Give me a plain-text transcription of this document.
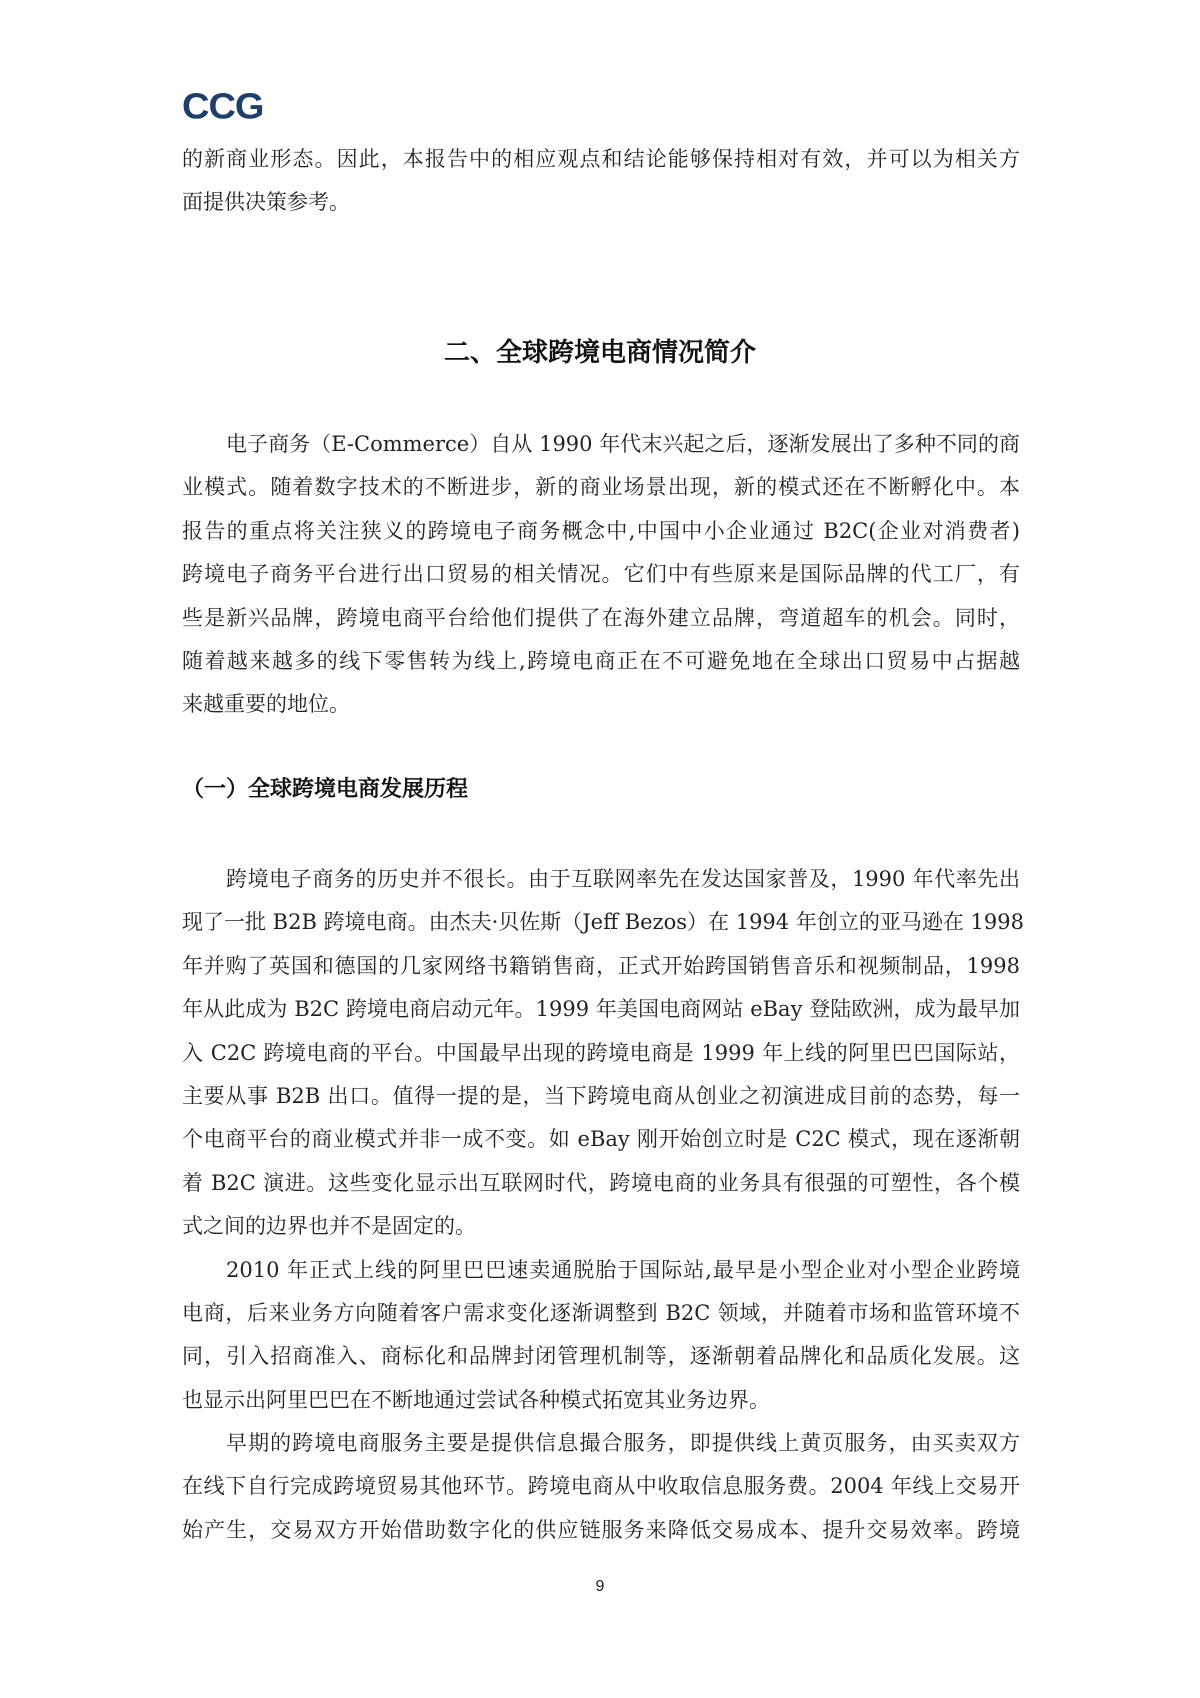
CCG
的新商业形态。因此，本报告中的相应观点和结论能够保持相对有效，并可以为相关方
面提供决策参考。
二、全球跨境电商情况简介
电子商务（E-Commerce）自从 1990 年代末兴起之后，逐渐发展出了多种不同的商
业模式。随着数字技术的不断进步，新的商业场景出现，新的模式还在不断孵化中。本
报告的重点将关注狭义的跨境电子商务概念中,中国中小企业通过 B2C(企业对消费者)
跨境电子商务平台进行出口贸易的相关情况。它们中有些原来是国际品牌的代工厂，有
些是新兴品牌，跨境电商平台给他们提供了在海外建立品牌，弯道超车的机会。同时，
随着越来越多的线下零售转为线上,跨境电商正在不可避免地在全球出口贸易中占据越
来越重要的地位。
（一）全球跨境电商发展历程
跨境电子商务的历史并不很长。由于互联网率先在发达国家普及，1990 年代率先出
现了一批 B2B 跨境电商。由杰夫·贝佐斯（Jeff Bezos）在 1994 年创立的亚马逊在 1998
年并购了英国和德国的几家网络书籍销售商，正式开始跨国销售音乐和视频制品，1998
年从此成为 B2C 跨境电商启动元年。1999 年美国电商网站 eBay 登陆欧洲，成为最早加
入 C2C 跨境电商的平台。中国最早出现的跨境电商是 1999 年上线的阿里巴巴国际站，
主要从事 B2B 出口。值得一提的是，当下跨境电商从创业之初演进成目前的态势，每一
个电商平台的商业模式并非一成不变。如 eBay 刚开始创立时是 C2C 模式，现在逐渐朝
着 B2C 演进。这些变化显示出互联网时代，跨境电商的业务具有很强的可塑性，各个模
式之间的边界也并不是固定的。
2010 年正式上线的阿里巴巴速卖通脱胎于国际站,最早是小型企业对小型企业跨境
电商，后来业务方向随着客户需求变化逐渐调整到 B2C 领域，并随着市场和监管环境不
同，引入招商准入、商标化和品牌封闭管理机制等，逐渐朝着品牌化和品质化发展。这
也显示出阿里巴巴在不断地通过尝试各种模式拓宽其业务边界。
早期的跨境电商服务主要是提供信息撮合服务，即提供线上黄页服务，由买卖双方
在线下自行完成跨境贸易其他环节。跨境电商从中收取信息服务费。2004 年线上交易开
始产生，交易双方开始借助数字化的供应链服务来降低交易成本、提升交易效率。跨境
9
